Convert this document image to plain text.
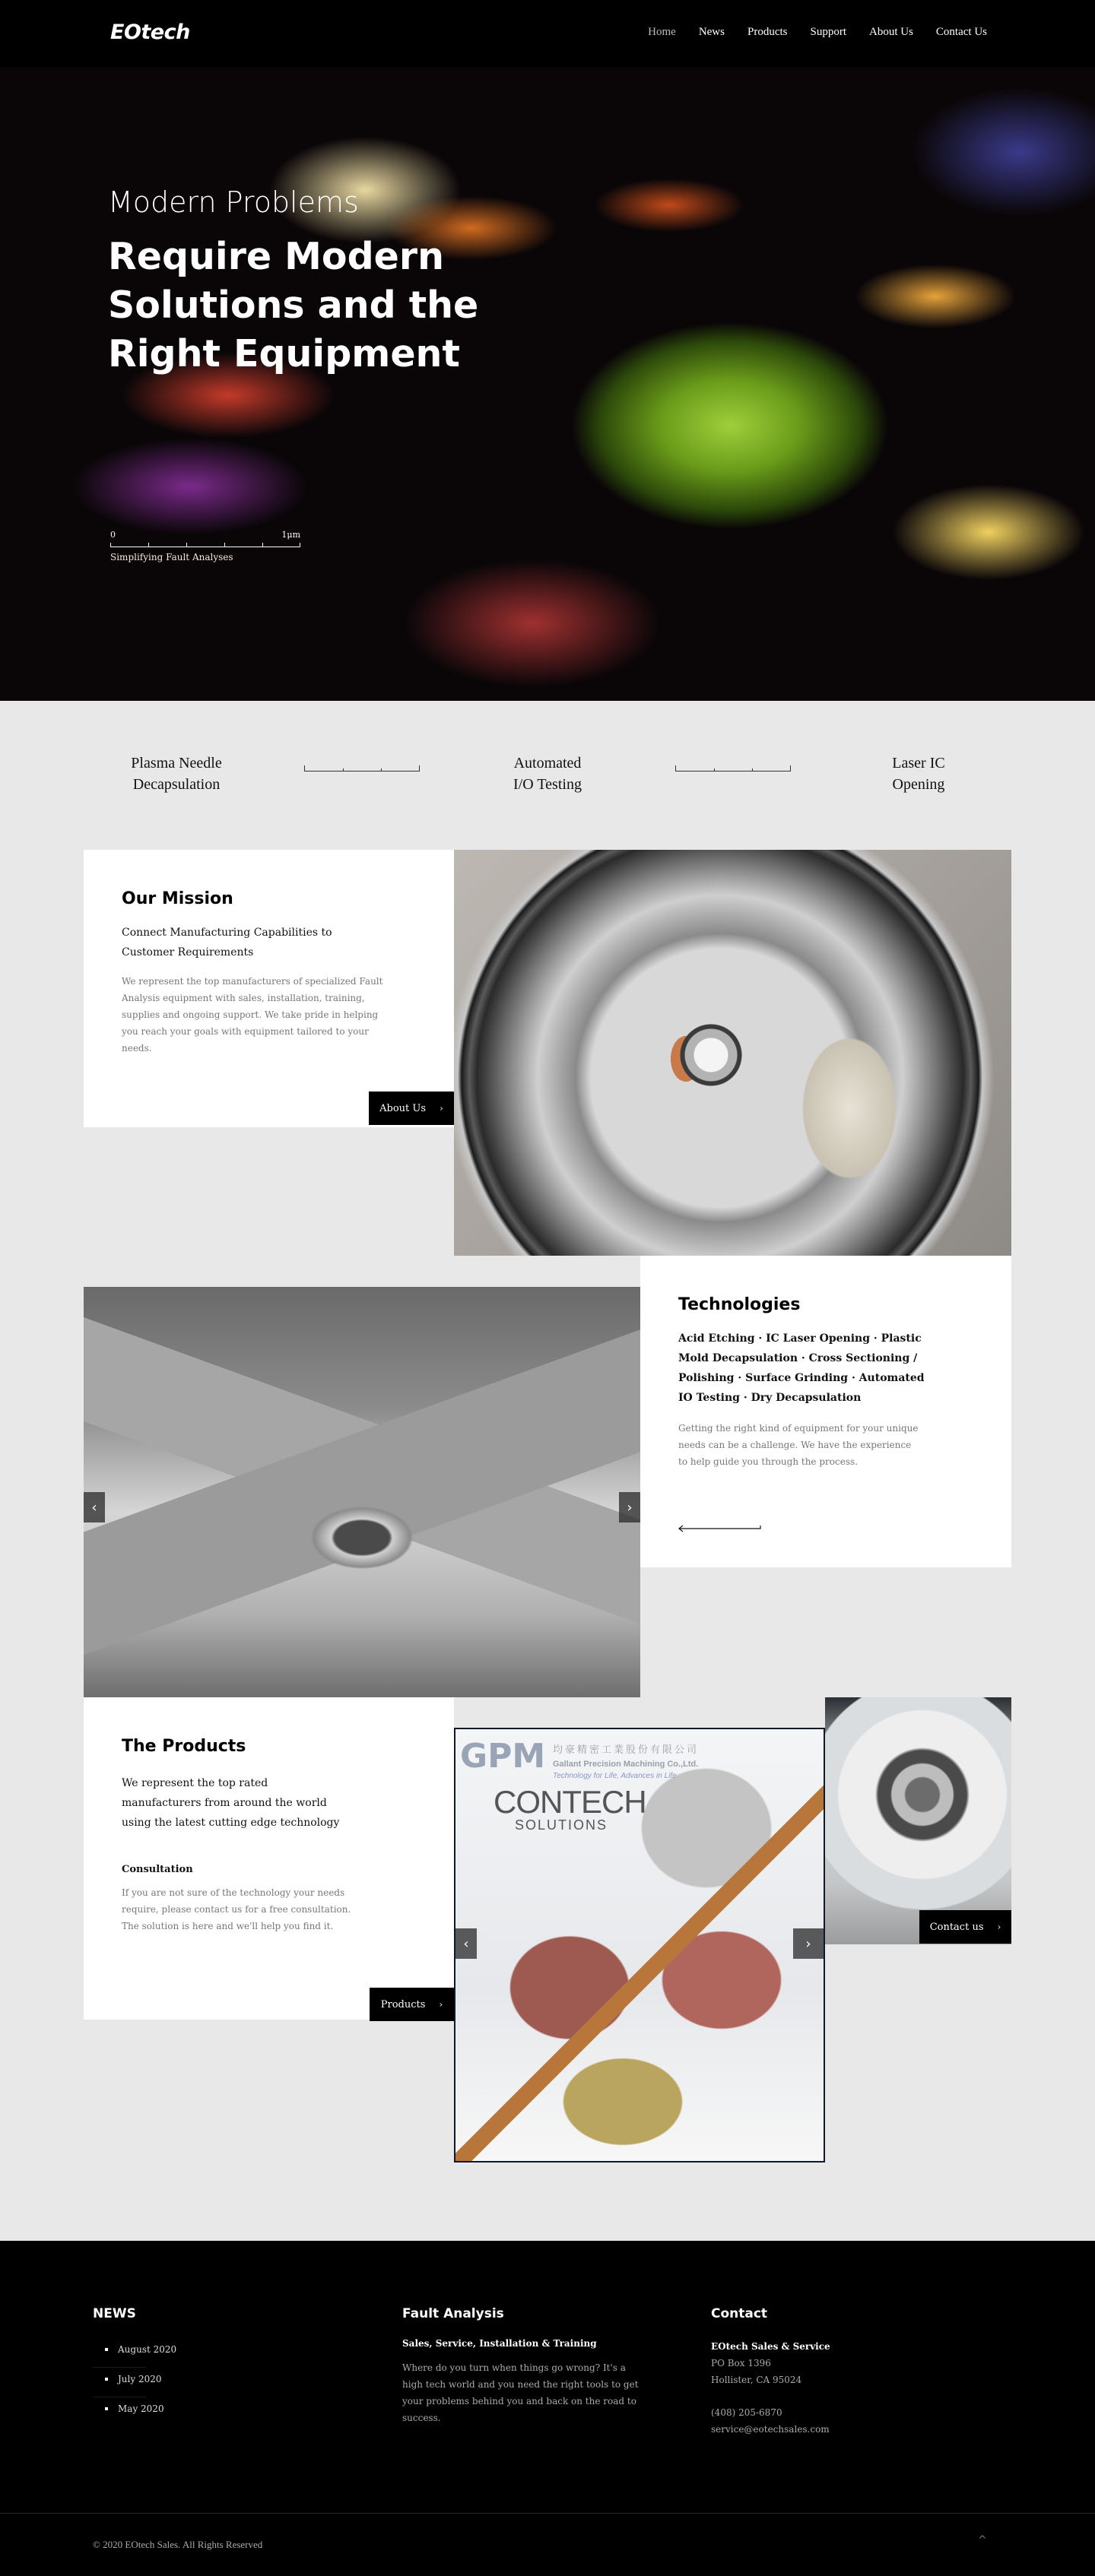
Modern Problems
Require Modern Solutions and the Right Equipment
0	1μm
Simplifying Fault Analyses
EOtech	Home News Products Support About Us Contact Us
Plasma Needle
Decapsulation
Automated
I/O Testing
Laser IC
Opening
Our Mission

Connect Manufacturing Capabilities to Customer Requirements

We represent the top manufacturers of specialized Fault Analysis equipment with sales, installation, training, supplies and ongoing support. We take pride in helping you reach your goals with equipment tailored to your needs.

About Us ›
‹	›
Technologies

Acid Etching · IC Laser Opening · Plastic Mold Decapsulation · Cross Sectioning / Polishing · Surface Grinding · Automated IO Testing · Dry Decapsulation

Getting the right kind of equipment for your unique needs can be a challenge. We have the experience to help guide you through the process.

The Products

We represent the top rated manufacturers from around the world using the latest cutting edge technology

Consultation

If you are not sure of the technology your needs require, please contact us for a free consultation. The solution is here and we'll help you find it.

Products ›
GPM 均豪精密工業股份有限公司
Gallant Precision Machining Co.,Ltd.
Technology for Life, Advances in Life
CONTECH
SOLUTIONS
‹	›
Contact us ›
NEWS
August 2020
July 2020
May 2020
Fault Analysis

Sales, Service, Installation & Training

Where do you turn when things go wrong? It's a high tech world and you need the right tools to get your problems behind you and back on the road to success.

Contact

EOtech Sales & Service

PO Box 1396

Hollister, CA 95024

(408) 205-6870

service@eotechsales.com

© 2020 EOtech Sales. All Rights Reserved	^
